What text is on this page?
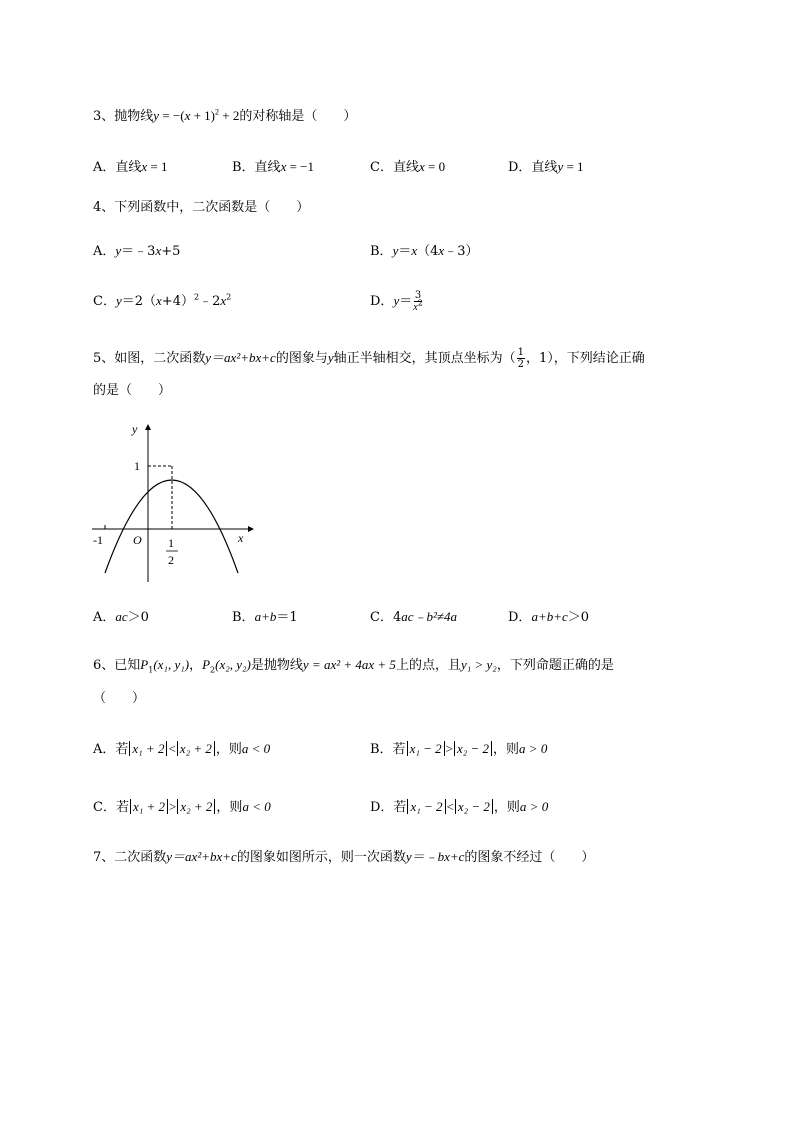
3、抛物线$y = -(x + 1)^2 + 2$的对称轴是（　　）
A．直线x = 1	B．直线x = −1	C．直线x = 0	D．直线y = 1
4、下列函数中，二次函数是（　　）
A．y＝﹣3x+5	B．y＝x（4x﹣3）
C．$y=2(x+4)^2﹣2x^2$	D．$y= \frac{3}{x^2}$
5、如图，二次函数y＝ax²+bx+c的图象与y轴正半轴相交，其顶点坐标为（ $\frac{1}{2}$ ，1），下列结论正确
的是（　　）
y
x
O
-1
1
1
2
A．ac＞0	B．a+b＝1	C．4ac﹣b²≠4a	D．a+b+c＞0
6、已知$P_1(x_1$, y₁)，$P_2(x_2$, y₂)是抛物线y = ax² + 4ax + 5上的点，且y₁ > y₂，下列命题正确的是
（　　）
A．若 x₁ + 2 < x₂ + 2 ，则a < 0	B．若 x₁ − 2 > x₂ − 2 ，则a > 0
C．若 x₁ + 2 > x₂ + 2 ，则a < 0	D．若 x₁ − 2 < x₂ − 2 ，则a > 0
7、二次函数y＝ax²+bx+c的图象如图所示，则一次函数y＝﹣bx+c的图象不经过（　　）
